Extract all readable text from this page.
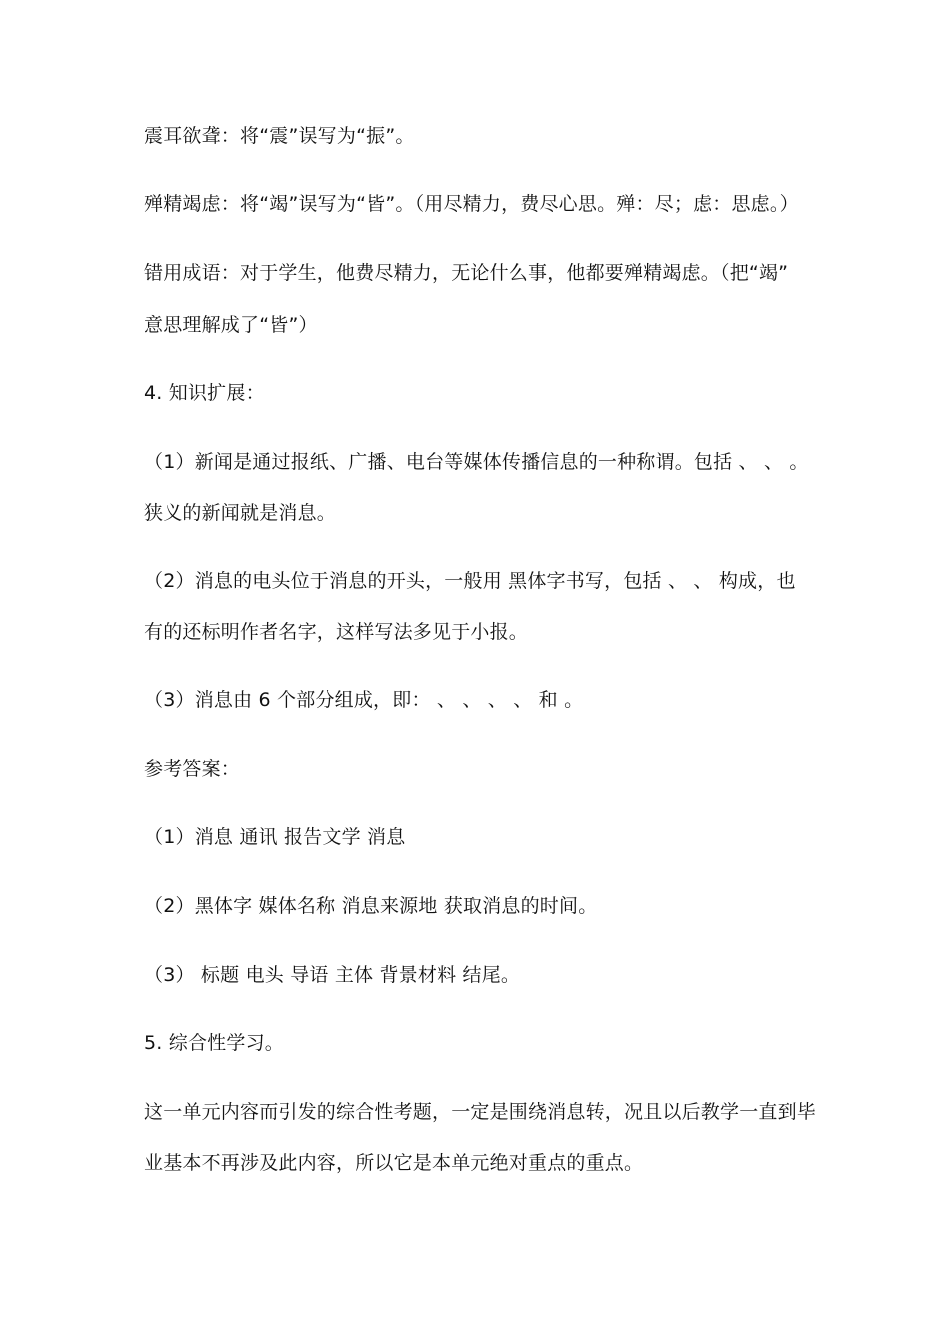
震耳欲聋：将“震”误写为“振”。
殚精竭虑：将“竭”误写为“皆”。（用尽精力，费尽心思。殚：尽；虑：思虑。）
错用成语：对于学生，他费尽精力，无论什么事，他都要殚精竭虑。（把“竭”
意思理解成了“皆”）
4. 知识扩展：
（1）新闻是通过报纸、广播、电台等媒体传播信息的一种称谓。包括 、 、 。
狭义的新闻就是消息。
（2）消息的电头位于消息的开头，一般用 黑体字书写，包括 、 、 构成，也
有的还标明作者名字，这样写法多见于小报。
（3）消息由 6 个部分组成，即： 、 、 、 、 和 。
参考答案：
（1）消息 通讯 报告文学 消息
（2）黑体字 媒体名称 消息来源地 获取消息的时间。
（3） 标题 电头 导语 主体 背景材料 结尾。
5. 综合性学习。
这一单元内容而引发的综合性考题，一定是围绕消息转，况且以后教学一直到毕
业基本不再涉及此内容，所以它是本单元绝对重点的重点。
